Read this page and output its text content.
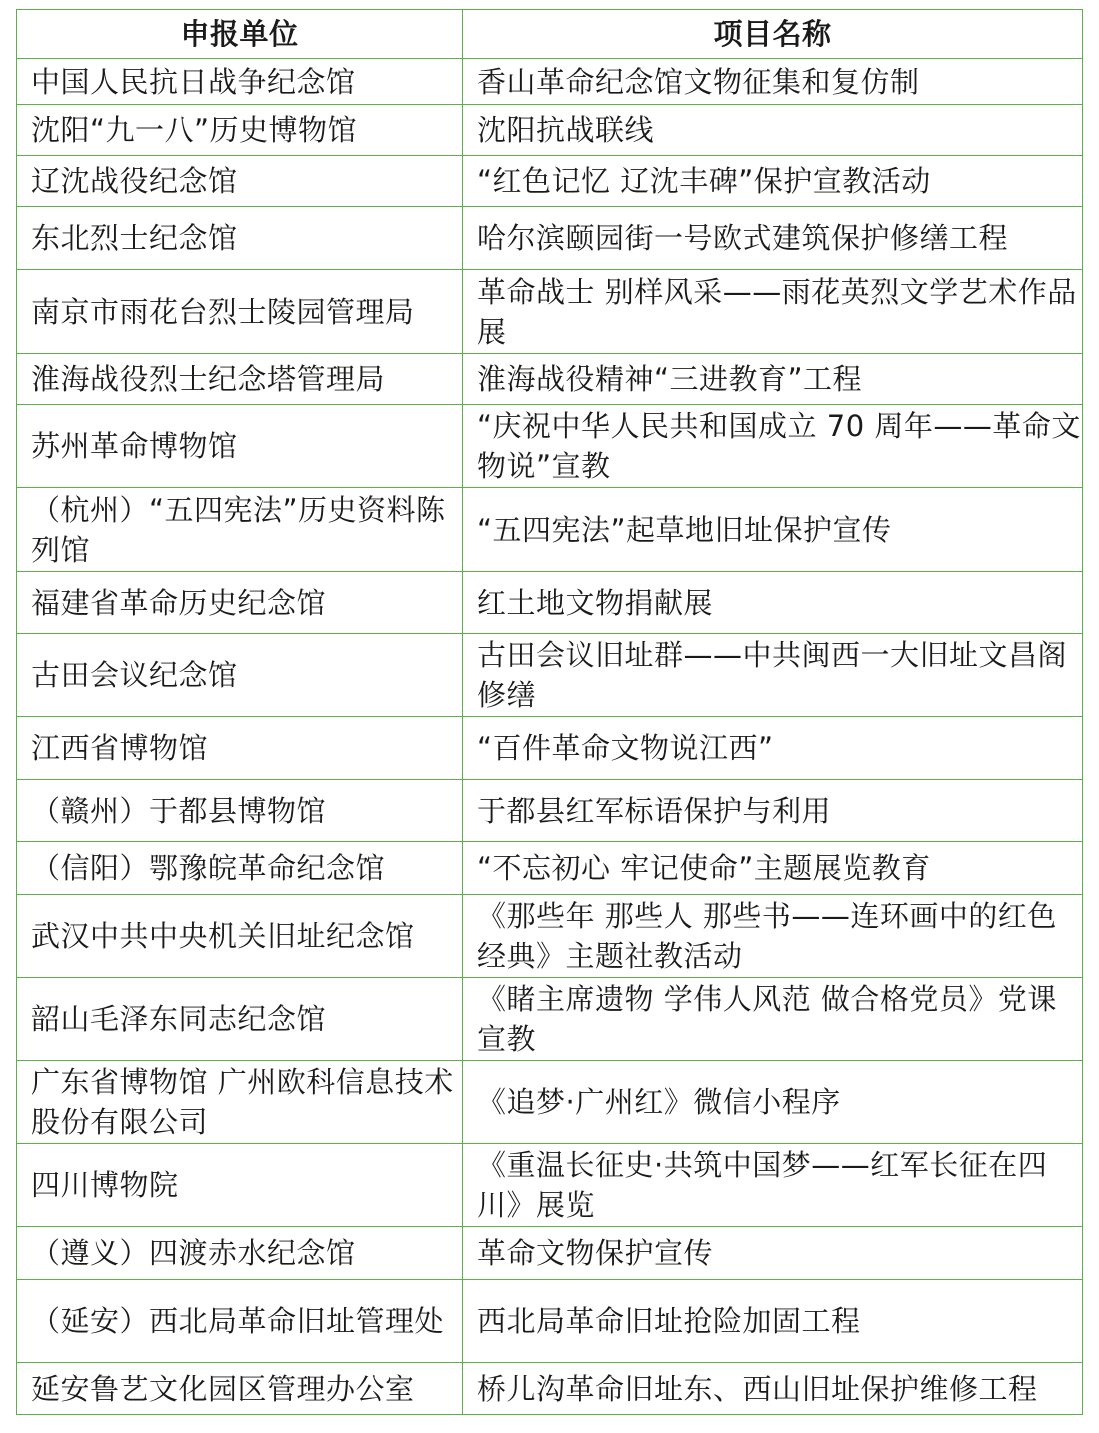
申报单位	项目名称
中国人民抗日战争纪念馆	香山革命纪念馆文物征集和复仿制
沈阳“九一八”历史博物馆	沈阳抗战联线
辽沈战役纪念馆	“红色记忆 辽沈丰碑”保护宣教活动
东北烈士纪念馆	哈尔滨颐园街一号欧式建筑保护修缮工程
南京市雨花台烈士陵园管理局	革命战士 别样风采——雨花英烈文学艺术作品展
淮海战役烈士纪念塔管理局	淮海战役精神“三进教育”工程
苏州革命博物馆	“庆祝中华人民共和国成立 70 周年——革命文物说”宣教
（杭州）“五四宪法”历史资料陈列馆	“五四宪法”起草地旧址保护宣传
福建省革命历史纪念馆	红土地文物捐献展
古田会议纪念馆	古田会议旧址群——中共闽西一大旧址文昌阁修缮
江西省博物馆	“百件革命文物说江西”
（赣州）于都县博物馆	于都县红军标语保护与利用
（信阳）鄂豫皖革命纪念馆	“不忘初心 牢记使命”主题展览教育
武汉中共中央机关旧址纪念馆	《那些年 那些人 那些书——连环画中的红色经典》主题社教活动
韶山毛泽东同志纪念馆	《睹主席遗物 学伟人风范 做合格党员》党课宣教
广东省博物馆 广州欧科信息技术股份有限公司	《追梦·广州红》微信小程序
四川博物院	《重温长征史·共筑中国梦——红军长征在四川》展览
（遵义）四渡赤水纪念馆	革命文物保护宣传
（延安）西北局革命旧址管理处	西北局革命旧址抢险加固工程
延安鲁艺文化园区管理办公室	桥儿沟革命旧址东、西山旧址保护维修工程
